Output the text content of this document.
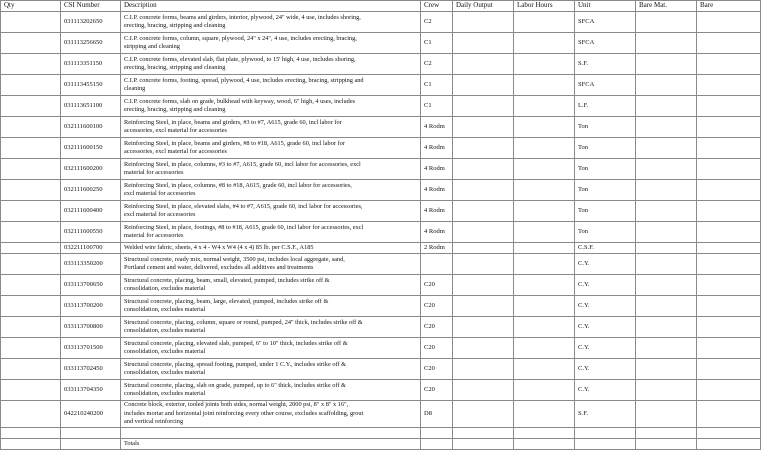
Qty	CSI Number	Description	Crew	Daily Output	Labor Hours	Unit	Bare Mat.	Bare
	031113202650	C.I.P. concrete forms, beams and girders, interior, plywood, 24" wide, 4 use, includes shoring,
erecting, bracing, stripping and cleaning	C2			SFCA		
	031113256650	C.I.P. concrete forms, column, square, plywood, 24" x 24", 4 use, includes erecting, bracing,
stripping and cleaning	C1			SFCA		
	031113351150	C.I.P. concrete forms, elevated slab, flat plate, plywood, to 15' high, 4 use, includes shoring,
erecting, bracing, stripping and cleaning	C2			S.F.		
	031113455150	C.I.P. concrete forms, footing, spread, plywood, 4 use, includes erecting, bracing, stripping and
cleaning	C1			SFCA		
	031113651100	C.I.P. concrete forms, slab on grade, bulkhead with keyway, wood, 6" high, 4 uses, includes
erecting, bracing, stripping and cleaning	C1			L.F.		
	032111600100	Reinforcing Steel, in place, beams and girders, #3 to #7, A615, grade 60, incl labor for
accessories, excl material for accessories	4 Rodm			Ton		
	032111600150	Reinforcing Steel, in place, beams and girders, #8 to #18, A615, grade 60, incl labor for
accessories, excl material for accessories	4 Rodm			Ton		
	032111600200	Reinforcing Steel, in place, columns, #3 to #7, A615, grade 60, incl labor for accessories, excl
material for accessories	4 Rodm			Ton		
	032111600250	Reinforcing Steel, in place, columns, #8 to #18, A615, grade 60, incl labor for accessories,
excl material for accessories	4 Rodm			Ton		
	032111600400	Reinforcing Steel, in place, elevated slabs, #4 to #7, A615, grade 60, incl labor for accessories,
excl material for accessories	4 Rodm			Ton		
	032111600550	Reinforcing Steel, in place, footings, #8 to #18, A615, grade 60, incl labor for accessories, excl
material for accessories	4 Rodm			Ton		
	032211100700	Welded wire fabric, sheets, 4 x 4 - W4 x W4 (4 x 4) 85 lb. per C.S.F., A185	2 Rodm			C.S.F.		
	033113350200	Structural concrete, ready mix, normal weight, 3500 psi, includes local aggregate, sand,
Portland cement and water, delivered, excludes all additives and treatments				C.Y.		
	033113700650	Structural concrete, placing, beam, small, elevated, pumped, includes strike off &
consolidation, excludes material	C20			C.Y.		
	033113700200	Structural concrete, placing, beam, large, elevated, pumped, includes strike off &
consolidation, excludes material	C20			C.Y.		
	033113700800	Structural concrete, placing, column, square or round, pumped, 24" thick, includes strike off &
consolidation, excludes material	C20			C.Y.		
	033113701500	Structural concrete, placing, elevated slab, pumped, 6" to 10" thick, includes strike off &
consolidation, excludes material	C20			C.Y.		
	033113702450	Structural concrete, placing, spread footing, pumped, under 1 C.Y., includes strike off &
consolidation, excludes material	C20			C.Y.		
	033113704350	Structural concrete, placing, slab on grade, pumped, up to 6" thick, includes strike off &
consolidation, excludes material	C20			C.Y.		
	042210240200	Concrete block, exterior, tooled joints both sides, normal weight, 2000 psi, 8" x 8" x 16",
includes mortar and horizontal joint reinforcing every other course, excludes scaffolding, grout
and vertical reinforcing	D8			S.F.		

		Totals						
